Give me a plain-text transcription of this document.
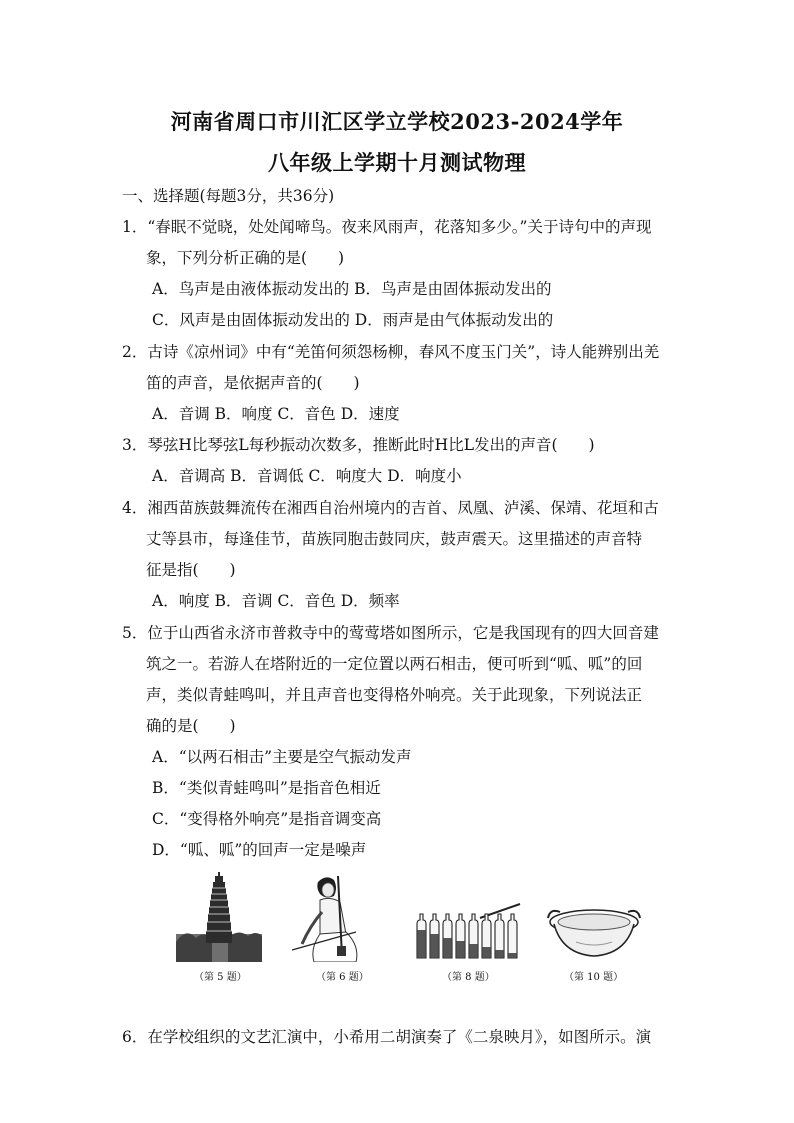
河南省周口市川汇区学立学校2023-2024学年
八年级上学期十月测试物理
一、选择题(每题3分，共36分)
1．“春眠不觉晓，处处闻啼鸟。夜来风雨声，花落知多少。”关于诗句中的声现
象，下列分析正确的是(　　)
A．鸟声是由液体振动发出的 B．鸟声是由固体振动发出的
C．风声是由固体振动发出的 D．雨声是由气体振动发出的
2．古诗《凉州词》中有“羌笛何须怨杨柳，春风不度玉门关”，诗人能辨别出羌
笛的声音，是依据声音的(　　)
A．音调 B．响度 C．音色 D．速度
3．琴弦H比琴弦L每秒振动次数多，推断此时H比L发出的声音(　　)
A．音调高 B．音调低 C．响度大 D．响度小
4．湘西苗族鼓舞流传在湘西自治州境内的吉首、凤凰、泸溪、保靖、花垣和古
丈等县市，每逢佳节，苗族同胞击鼓同庆，鼓声震天。这里描述的声音特
征是指(　　)
A．响度 B．音调 C．音色 D．频率
5．位于山西省永济市普救寺中的莺莺塔如图所示，它是我国现有的四大回音建
筑之一。若游人在塔附近的一定位置以两石相击，便可听到“呱、呱”的回
声，类似青蛙鸣叫，并且声音也变得格外响亮。关于此现象，下列说法正
确的是(　　)
A．“以两石相击”主要是空气振动发声
B．“类似青蛙鸣叫”是指音色相近
C．“变得格外响亮”是指音调变高
D．“呱、呱”的回声一定是噪声
（第 5 题）	（第 6 题）	（第 8 题）	（第 10 题）
6．在学校组织的文艺汇演中，小希用二胡演奏了《二泉映月》，如图所示。演
